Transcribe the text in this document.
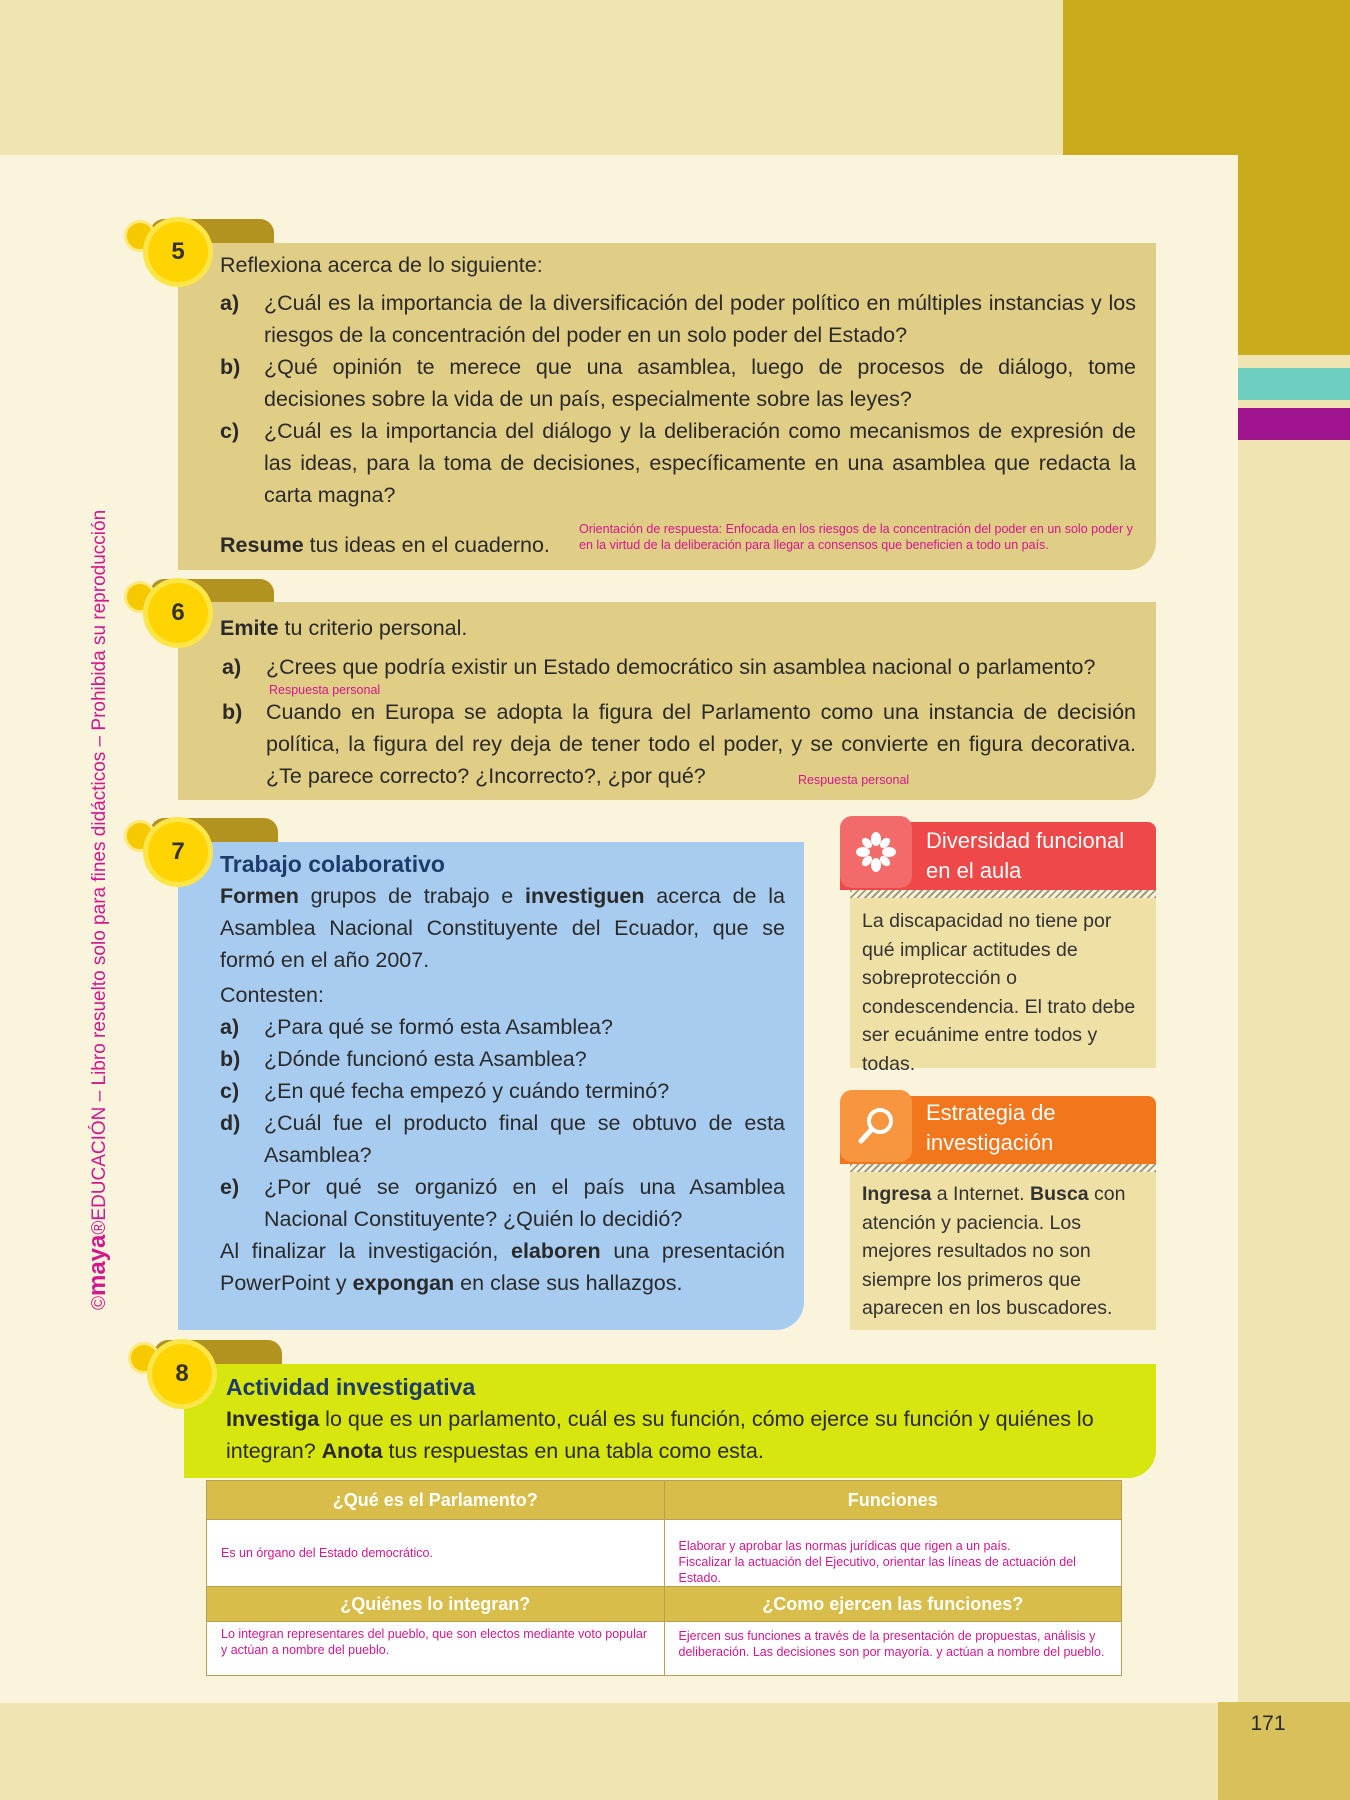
171
©maya®EDUCACIÓN – Libro resuelto solo para fines didácticos – Prohibida su reproducción
5	Reflexiona acerca de lo siguiente:
a)	¿Cuál es la importancia de la diversificación del poder político en múltiples instancias y los riesgos de la concentración del poder en un solo poder del Estado?
b)	¿Qué opinión te merece que una asamblea, luego de procesos de diálogo, tome decisiones sobre la vida de un país, especialmente sobre las leyes?
c)	¿Cuál es la importancia del diálogo y la deliberación como mecanismos de expresión de las ideas, para la toma de decisiones, específicamente en una asamblea que redacta la carta magna?
Resume tus ideas en el cuaderno.
Orientación de respuesta: Enfocada en los riesgos de la concentración del poder en un solo poder y en la virtud de la deliberación para llegar a consensos que beneficien a todo un país.
6
Emite tu criterio personal.
a)	¿Crees que podría existir un Estado democrático sin asamblea nacional o parlamento?
Respuesta personal
b)	Cuando en Europa se adopta la figura del Parlamento como una instancia de decisión política, la figura del rey deja de tener todo el poder, y se convierte en figura decorativa. ¿Te parece correcto? ¿Incorrecto?, ¿por qué?	Respuesta personal
7	Trabajo colaborativo
Formen grupos de trabajo e investiguen acerca de la Asamblea Nacional Constituyente del Ecuador, que se formó en el año 2007.
Contesten:
a)	¿Para qué se formó esta Asamblea?
b)	¿Dónde funcionó esta Asamblea?
c)	¿En qué fecha empezó y cuándo terminó?
d)	¿Cuál fue el producto final que se obtuvo de esta Asamblea?
e)	¿Por qué se organizó en el país una Asamblea Nacional Constituyente? ¿Quién lo decidió?
Al finalizar la investigación, elaboren una presentación PowerPoint y expongan en clase sus hallazgos.
Diversidad funcional en el aula
La discapacidad no tiene por qué implicar actitudes de sobreprotección o condescendencia. El trato debe ser ecuánime entre todos y todas.
Estrategia de investigación
Ingresa a Internet. Busca con atención y paciencia. Los mejores resultados no son siempre los primeros que aparecen en los buscadores.
8	Actividad investigativa
Investiga lo que es un parlamento, cuál es su función, cómo ejerce su función y quiénes lo integran? Anota tus respuestas en una tabla como esta.
¿Qué es el Parlamento?	Funciones
Es un órgano del Estado democrático.	Elaborar y aprobar las normas jurídicas que rigen a un país.
Fiscalizar la actuación del Ejecutivo, orientar las líneas de actuación del Estado.

¿Quiénes lo integran?	¿Como ejercen las funciones?
Lo integran representares del pueblo, que son electos mediante voto popular y actúan a nombre del pueblo.	Ejercen sus funciones a través de la presentación de propuestas, análisis y deliberación. Las decisiones son por mayoría. y actúan a nombre del pueblo.
